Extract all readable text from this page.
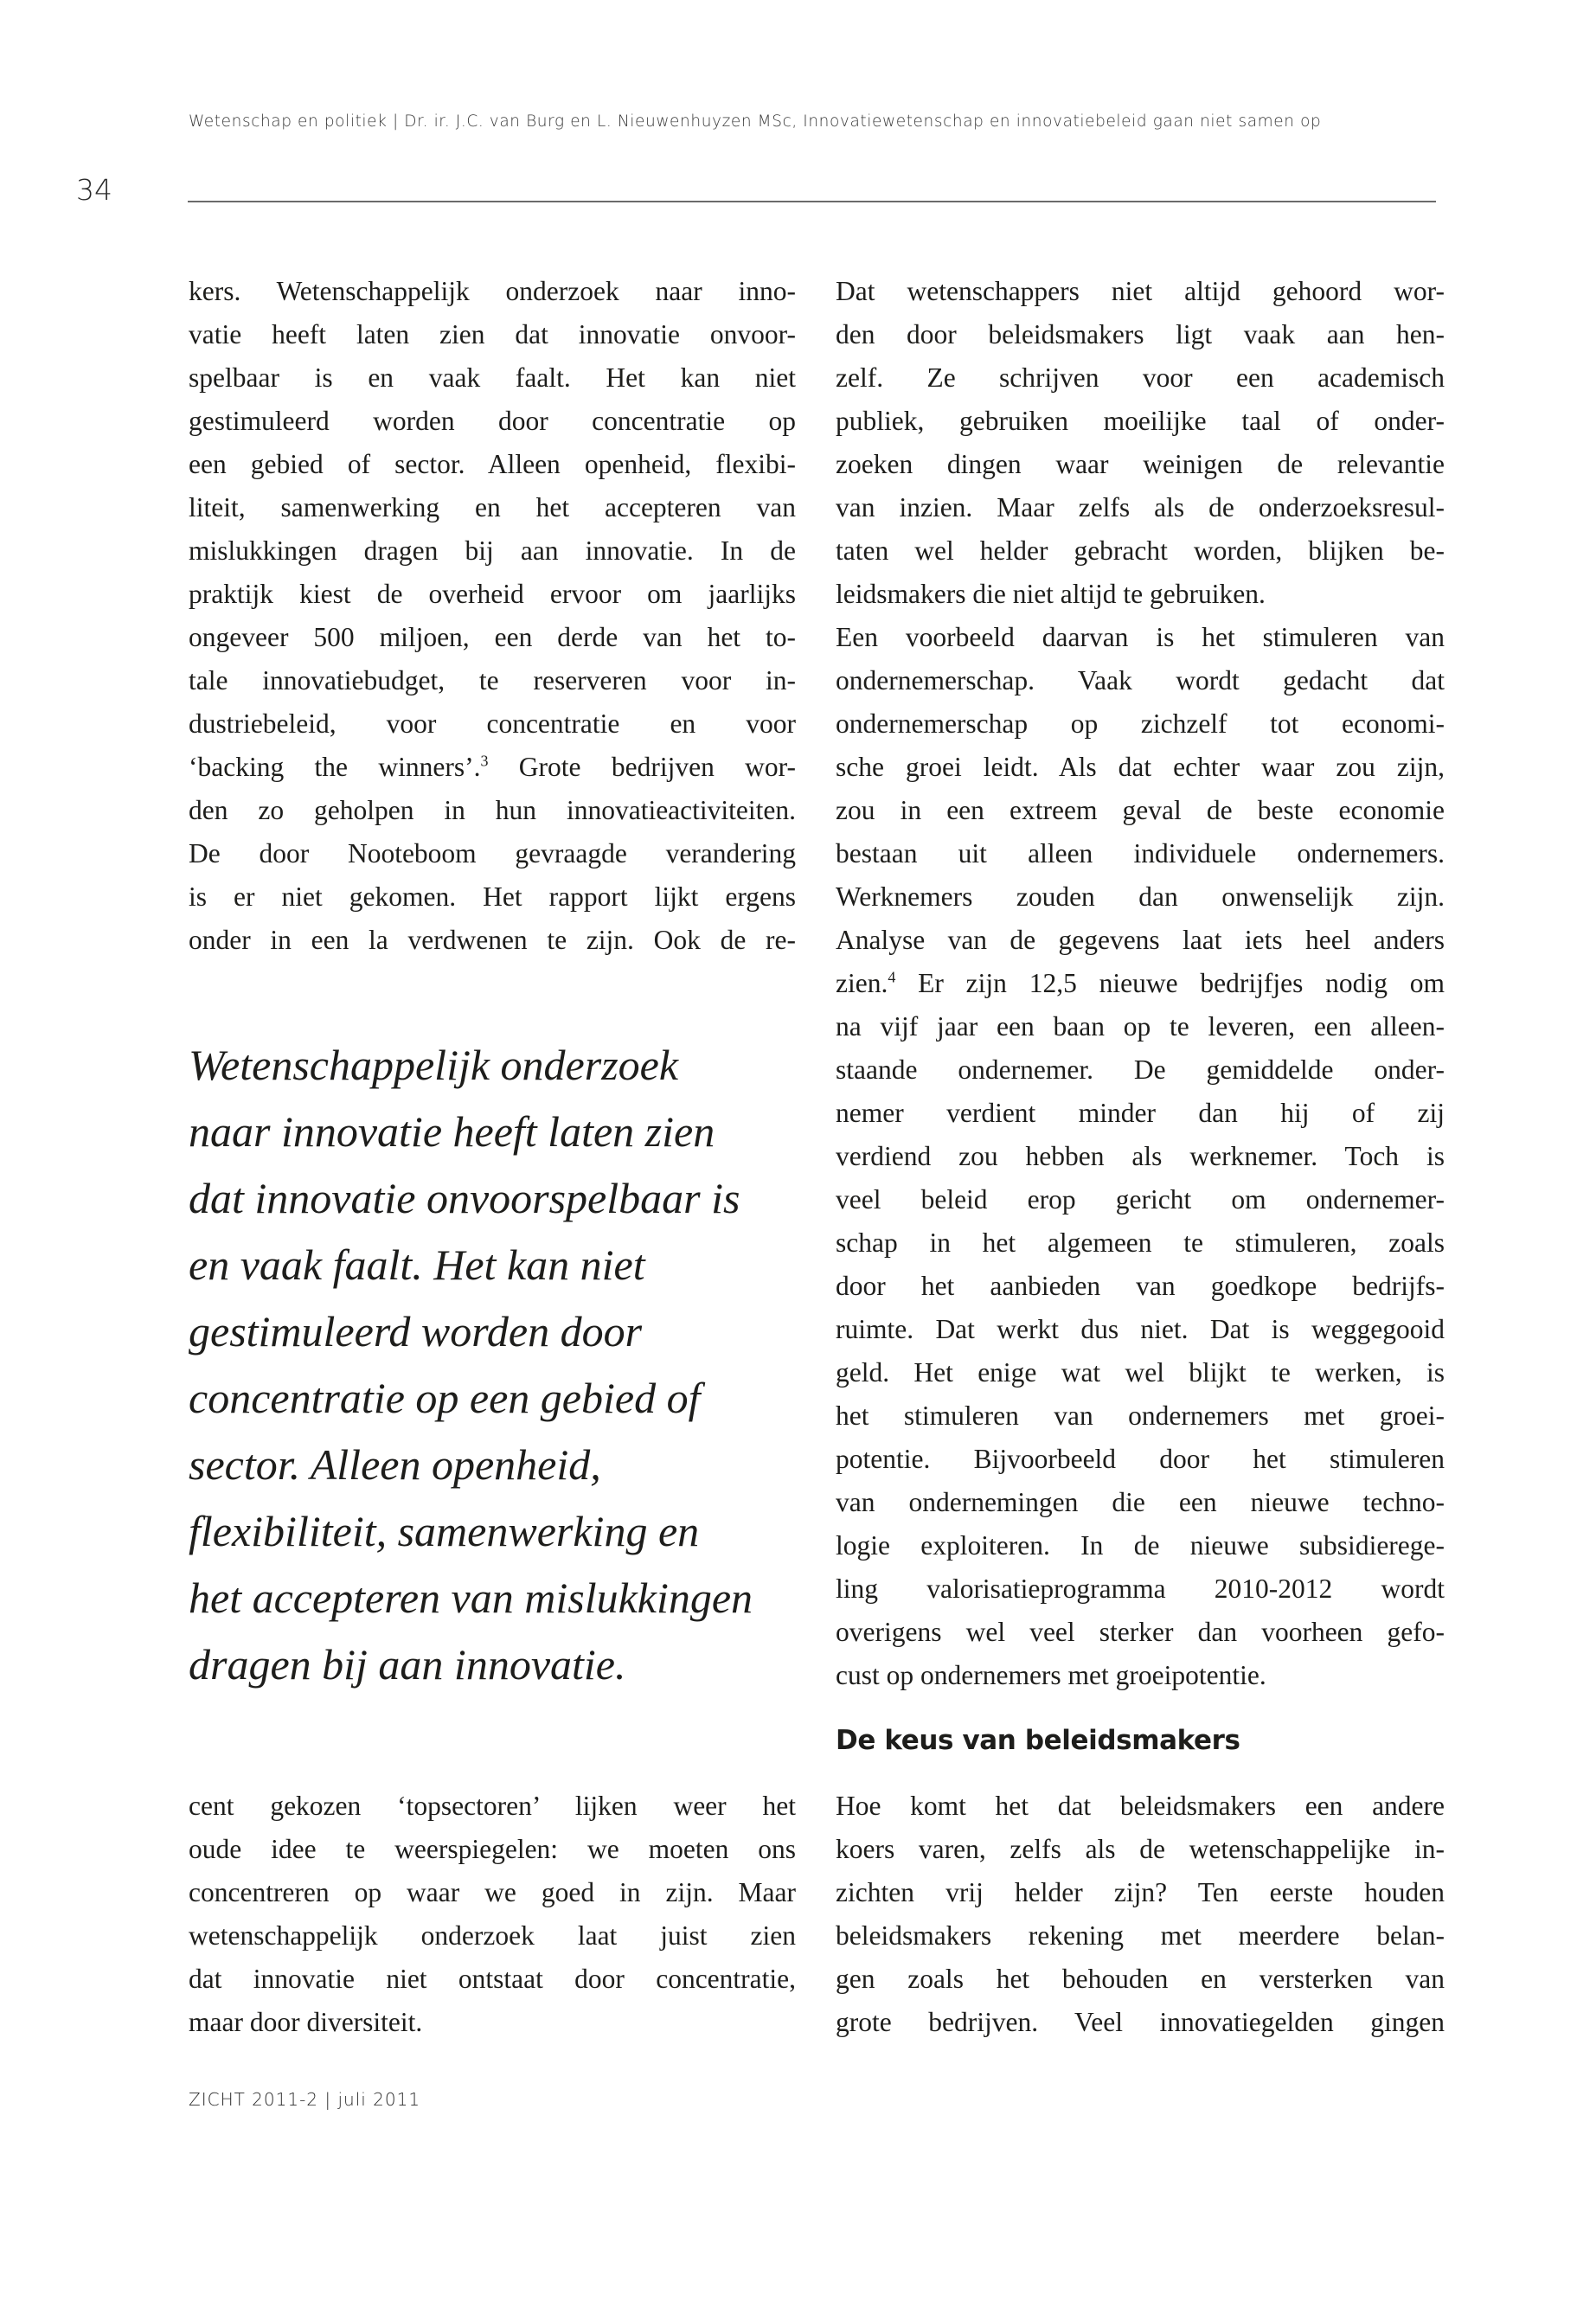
Wetenschap en politiek | Dr. ir. J.C. van Burg en L. Nieuwenhuyzen MSc, Innovatiewetenschap en innovatiebeleid gaan niet samen op
34
kers. Wetenschappelijk onderzoek naar inno-
vatie heeft laten zien dat innovatie onvoor-
spelbaar is en vaak faalt. Het kan niet
gestimuleerd worden door concentratie op
een gebied of sector. Alleen openheid, flexibi-
liteit, samenwerking en het accepteren van
mislukkingen dragen bij aan innovatie. In de
praktijk kiest de overheid ervoor om jaarlijks
ongeveer 500 miljoen, een derde van het to-
tale innovatiebudget, te reserveren voor in-
dustriebeleid, voor concentratie en voor
‘backing the winners’.$^3$ Grote bedrijven wor-
den zo geholpen in hun innovatieactiviteiten.
De door Nooteboom gevraagde verandering
is er niet gekomen. Het rapport lijkt ergens
onder in een la verdwenen te zijn. Ook de re-
Wetenschappelijk onderzoek
naar innovatie heeft laten zien
dat innovatie onvoorspelbaar is
en vaak faalt. Het kan niet
gestimuleerd worden door
concentratie op een gebied of
sector. Alleen openheid,
flexibiliteit, samenwerking en
het accepteren van mislukkingen
dragen bij aan innovatie.
cent gekozen ‘topsectoren’ lijken weer het
oude idee te weerspiegelen: we moeten ons
concentreren op waar we goed in zijn. Maar
wetenschappelijk onderzoek laat juist zien
dat innovatie niet ontstaat door concentratie,
maar door diversiteit.
Dat wetenschappers niet altijd gehoord wor-
den door beleidsmakers ligt vaak aan hen-
zelf. Ze schrijven voor een academisch
publiek, gebruiken moeilijke taal of onder-
zoeken dingen waar weinigen de relevantie
van inzien. Maar zelfs als de onderzoeksresul-
taten wel helder gebracht worden, blijken be-
leidsmakers die niet altijd te gebruiken.
Een voorbeeld daarvan is het stimuleren van
ondernemerschap. Vaak wordt gedacht dat
ondernemerschap op zichzelf tot economi-
sche groei leidt. Als dat echter waar zou zijn,
zou in een extreem geval de beste economie
bestaan uit alleen individuele ondernemers.
Werknemers zouden dan onwenselijk zijn.
Analyse van de gegevens laat iets heel anders
zien.$^4$ Er zijn 12,5 nieuwe bedrijfjes nodig om
na vijf jaar een baan op te leveren, een alleen-
staande ondernemer. De gemiddelde onder-
nemer verdient minder dan hij of zij
verdiend zou hebben als werknemer. Toch is
veel beleid erop gericht om ondernemer-
schap in het algemeen te stimuleren, zoals
door het aanbieden van goedkope bedrijfs-
ruimte. Dat werkt dus niet. Dat is weggegooid
geld. Het enige wat wel blijkt te werken, is
het stimuleren van ondernemers met groei-
potentie. Bijvoorbeeld door het stimuleren
van ondernemingen die een nieuwe techno-
logie exploiteren. In de nieuwe subsidierege-
ling valorisatieprogramma 2010-2012 wordt
overigens wel veel sterker dan voorheen gefo-
cust op ondernemers met groeipotentie.
De keus van beleidsmakers
Hoe komt het dat beleidsmakers een andere
koers varen, zelfs als de wetenschappelijke in-
zichten vrij helder zijn? Ten eerste houden
beleidsmakers rekening met meerdere belan-
gen zoals het behouden en versterken van
grote bedrijven. Veel innovatiegelden gingen
ZICHT 2011-2 | juli 2011
